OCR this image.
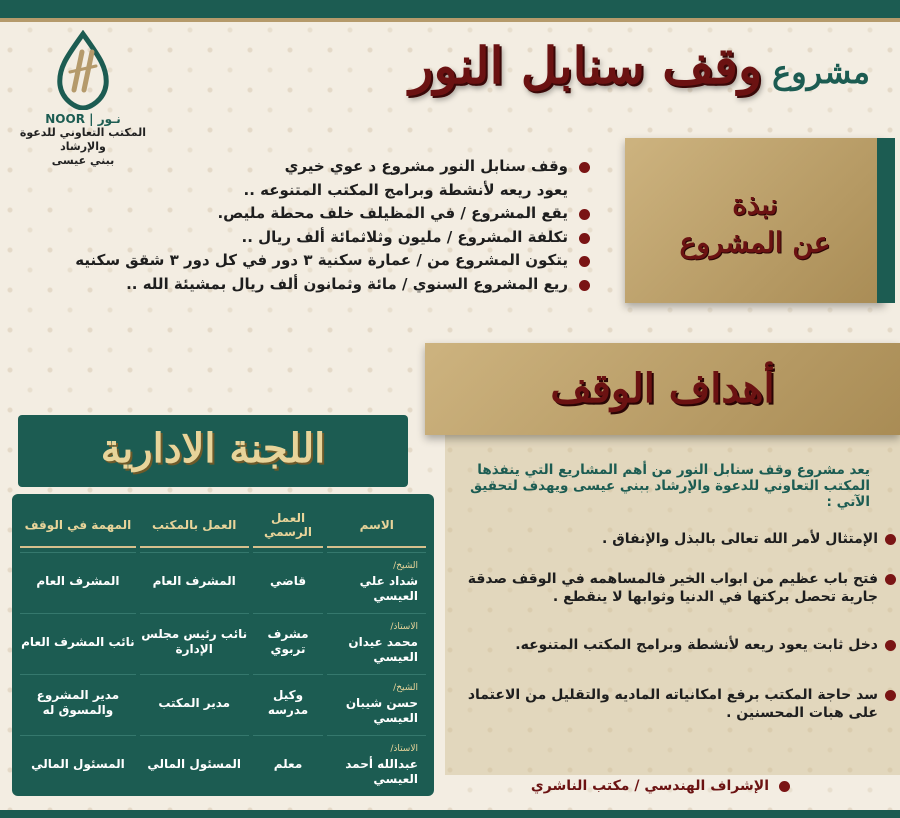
NOOR | نـور
المكتب التعاوني للدعوة والإرشاد
ببني عيسى
مشروع
وقف سنابل النور
وقف سنابل النور مشروع د عوي خيري
يعود ريعه لأنشطة وبرامج المكتب المتنوعه ..
يقع المشروع / في المظيلف خلف محطة مليص.
تكلفة المشروع / مليون وثلاثمائة ألف ريال ..
يتكون المشروع من / عمارة سكنية ٣ دور في كل دور ٣ شقق سكنيه
ريع المشروع السنوي / مائة وثمانون ألف ريال بمشيئة الله ..
نبذة
عن المشروع
أهداف الوقف
يعد مشروع وقف سنابل النور من أهم المشاريع التي ينفذها المكتب التعاوني للدعوة والإرشاد ببني عيسى ويهدف لتحقيق الآتي :
الإمتثال لأمر الله تعالى بالبذل والإنفاق .
فتح باب عظيم من ابواب الخير فالمساهمه في الوقف صدقة جارية تحصل بركتها في الدنيا وثوابها لا ينقطع .
دخل ثابت يعود ريعه لأنشطة وبرامج المكتب المتنوعه.
سد حاجة المكتب برفع امكانياته الماديه والتقليل من الاعتماد على هبات المحسنين .
الإشراف الهندسي / مكتب الناشري
اللجنة الادارية
الاسم	العمل الرسمي	العمل بالمكتب	المهمة في الوقف

الشيخ/
شداد علي العيسي	قاضي	المشرف العام	المشرف العام

الاستاذ/
محمد عيدان العيسي	مشرف تربوي	نائب رئيس مجلس الإدارة	نائب المشرف العام

الشيخ/
حسن شيبان العيسي	وكيل مدرسه	مدير المكتب	مدير المشروع والمسوق له

الاستاذ/
عبدالله أحمد العيسي	معلم	المسئول المالي	المسئول المالي
